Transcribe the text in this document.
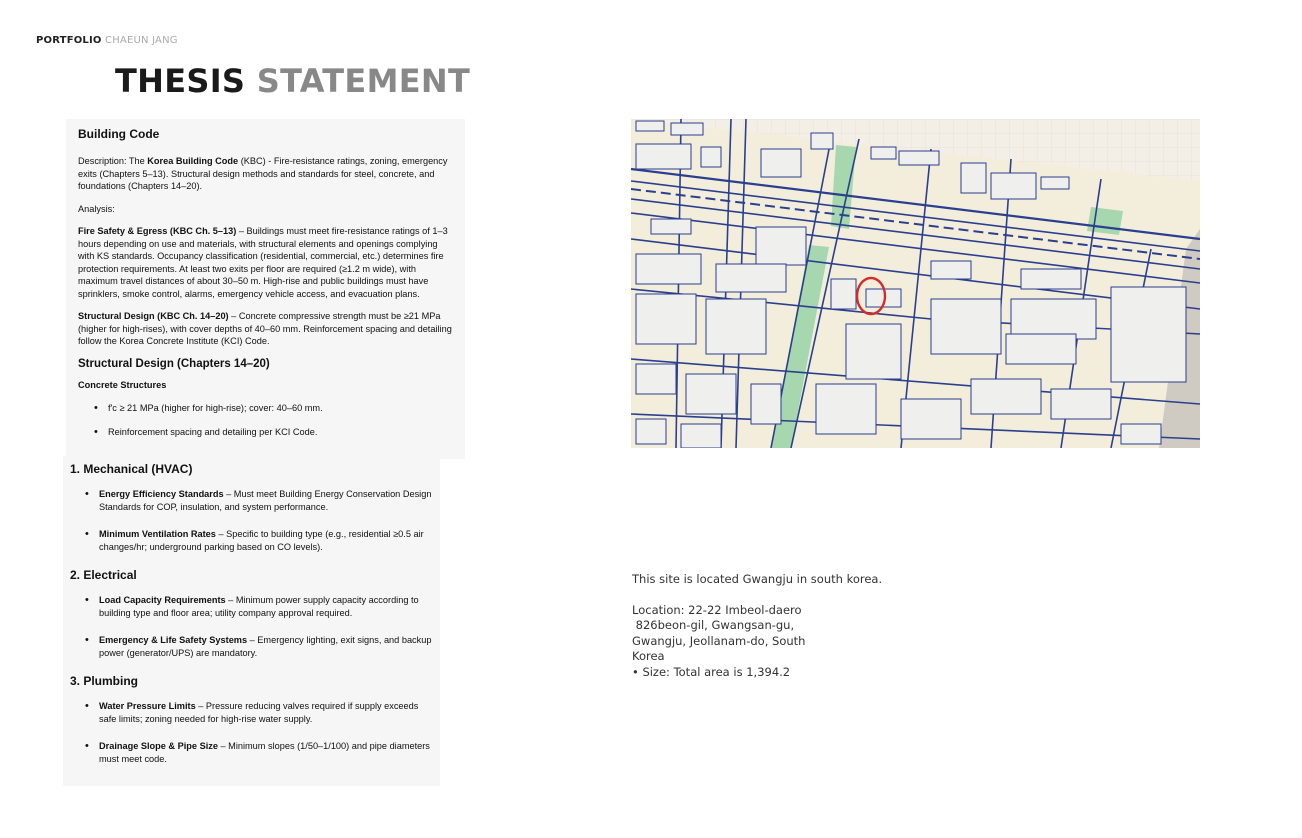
PORTFOLIO CHAEUN JANG
THESIS STATEMENT
Building Code

Description: The Korea Building Code (KBC) - Fire-resistance ratings, zoning, emergency exits (Chapters 5–13). Structural design methods and standards for steel, concrete, and foundations (Chapters 14–20).

Analysis:

Fire Safety & Egress (KBC Ch. 5–13) – Buildings must meet fire-resistance ratings of 1–3 hours depending on use and materials, with structural elements and openings complying with KS standards. Occupancy classification (residential, commercial, etc.) determines fire protection requirements. At least two exits per floor are required (≥1.2 m wide), with maximum travel distances of about 30–50 m. High-rise and public buildings must have sprinklers, smoke control, alarms, emergency vehicle access, and evacuation plans.

Structural Design (KBC Ch. 14–20) – Concrete compressive strength must be ≥21 MPa (higher for high-rises), with cover depths of 40–60 mm. Reinforcement spacing and detailing follow the Korea Concrete Institute (KCI) Code.

Structural Design (Chapters 14–20)
Concrete Structures
• f'c ≥ 21 MPa (higher for high-rise); cover: 40–60 mm.
• Reinforcement spacing and detailing per KCI Code.
1. Mechanical (HVAC)
• Energy Efficiency Standards – Must meet Building Energy Conservation Design Standards for COP, insulation, and system performance.
• Minimum Ventilation Rates – Specific to building type (e.g., residential ≥0.5 air changes/hr; underground parking based on CO levels).
2. Electrical
• Load Capacity Requirements – Minimum power supply capacity according to building type and floor area; utility company approval required.
• Emergency & Life Safety Systems – Emergency lighting, exit signs, and backup power (generator/UPS) are mandatory.
3. Plumbing
• Water Pressure Limits – Pressure reducing valves required if supply exceeds safe limits; zoning needed for high-rise water supply.
• Drainage Slope & Pipe Size – Minimum slopes (1/50–1/100) and pipe diameters must meet code.
This site is located Gwangju in south korea.
Location: 22-22 Imbeol-daero
826beon-gil, Gwangsan-gu,
Gwangju, Jeollanam-do, South
Korea
• Size: Total area is 1,394.2
